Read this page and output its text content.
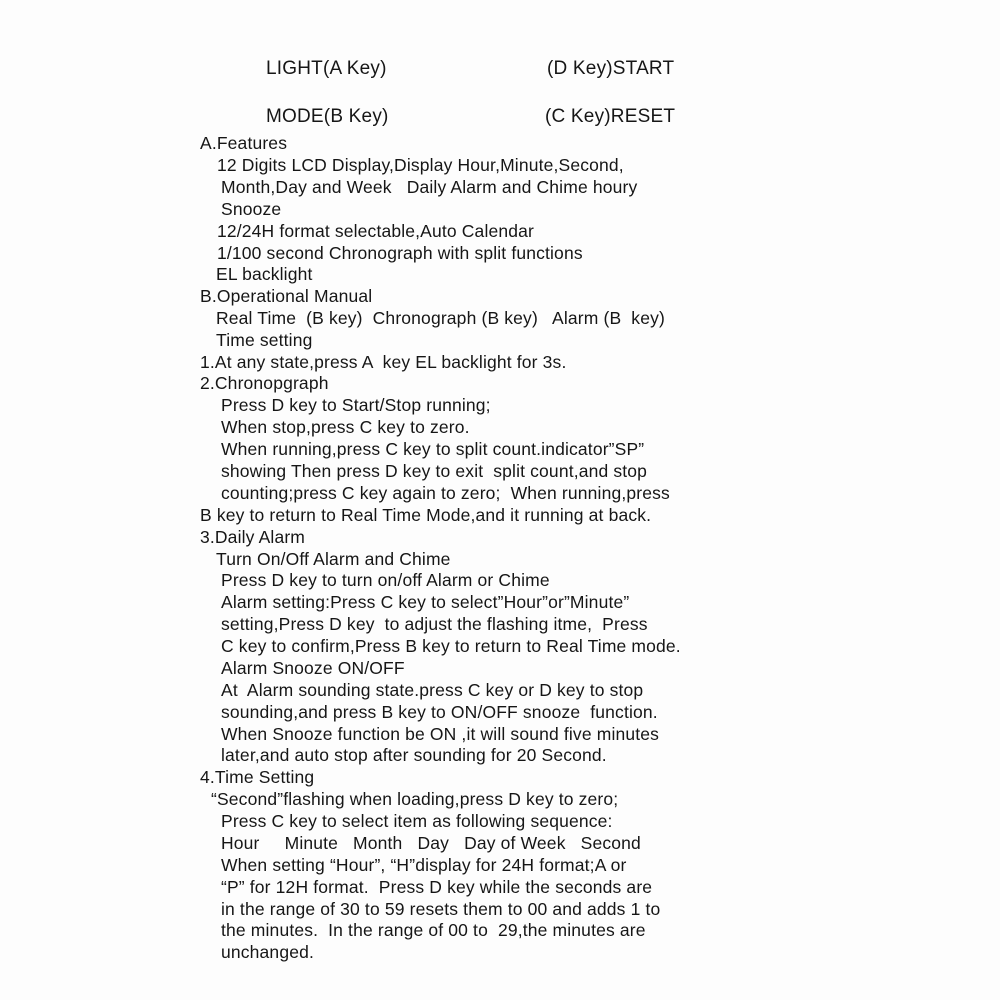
LIGHT(A Key)	(D Key)START
MODE(B Key)	(C Key)RESET
A.Features
12 Digits LCD Display,Display Hour,Minute,Second,
Month,Day and Week   Daily Alarm and Chime houry
Snooze
12/24H format selectable,Auto Calendar
1/100 second Chronograph with split functions
EL backlight
B.Operational Manual
Real Time  (B key)  Chronograph (B key)   Alarm (B  key)
Time setting
1.At any state,press A  key EL backlight for 3s.
2.Chronopgraph
Press D key to Start/Stop running;
When stop,press C key to zero.
When running,press C key to split count.indicator”SP”
showing Then press D key to exit  split count,and stop
counting;press C key again to zero;  When running,press
B key to return to Real Time Mode,and it running at back.
3.Daily Alarm
Turn On/Off Alarm and Chime
Press D key to turn on/off Alarm or Chime
Alarm setting:Press C key to select”Hour”or”Minute”
setting,Press D key  to adjust the flashing itme,  Press
C key to confirm,Press B key to return to Real Time mode.
Alarm Snooze ON/OFF
At  Alarm sounding state.press C key or D key to stop
sounding,and press B key to ON/OFF snooze  function.
When Snooze function be ON ,it will sound five minutes
later,and auto stop after sounding for 20 Second.
4.Time Setting
“Second”flashing when loading,press D key to zero;
Press C key to select item as following sequence:
Hour     Minute   Month   Day   Day of Week   Second
When setting “Hour”, “H”display for 24H format;A or
“P” for 12H format.  Press D key while the seconds are
in the range of 30 to 59 resets them to 00 and adds 1 to
the minutes.  In the range of 00 to  29,the minutes are
unchanged.
